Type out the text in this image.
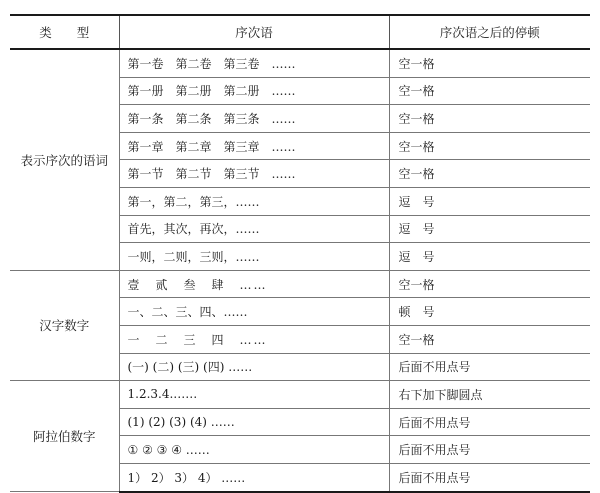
类　　型	序次语	序次语之后的停顿
表示序次的语词	第一卷　第二卷　第三卷　……	空一格
	第一册　第二册　第二册　……	空一格
	第一条　第二条　第三条　……	空一格
	第一章　第二章　第三章　……	空一格
	第一节　第二节　第三节　……	空一格
	第一，第二，第三，……	逗　号
	首先，其次，再次，……	逗　号
	一则，二则，三则，……	逗　号
汉字数字	壹　贰　叁　肆　……	空一格
	一、二、三、四、……	顿　号
	一　二　三　四　……	空一格
	(一) (二) (三) (四) ……	后面不用点号
阿拉伯数字	1.2.3.4.……	右下加下脚圆点
	(1) (2) (3) (4) ……	后面不用点号
	① ② ③ ④ ……	后面不用点号
	1） 2） 3） 4） ……	后面不用点号
